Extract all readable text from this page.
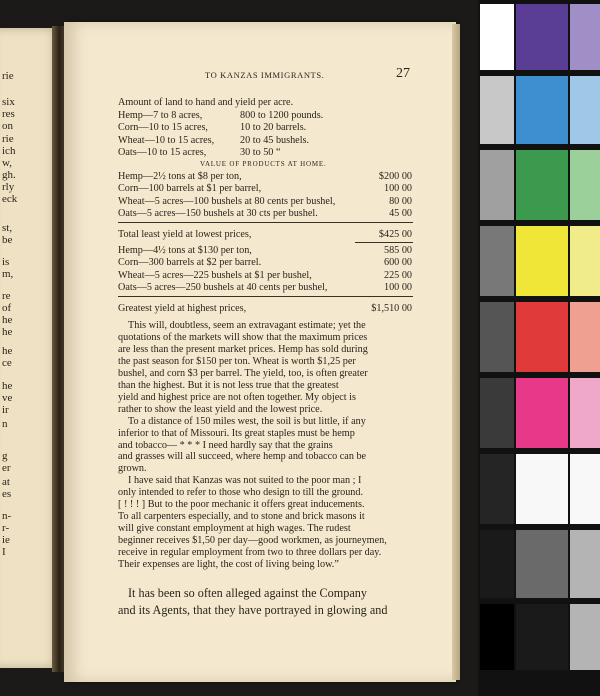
rie
six
res
on
rie
ich
w,
gh.
rly
eck
st,
be
is
m,
re
of
he
he
he
ce
he
ve
ir
n
g
er
at
es
n-
r-
ie
I
TO KANZAS IMMIGRANTS.	27
Amount of land to hand and yield per acre.
Hemp—7 to 8 acres,	800 to 1200 pounds.
Corn—10 to 15 acres,	10 to 20 barrels.
Wheat—10 to 15 acres,	20 to 45 bushels.
Oats—10 to 15 acres,	30 to 50 “
VALUE OF PRODUCTS AT HOME.
Hemp—2½ tons at $8 per ton,	$200 00
Corn—100 barrels at $1 per barrel,	100 00
Wheat—5 acres—100 bushels at 80 cents per bushel,	80 00
Oats—5 acres—150 bushels at 30 cts per bushel.	45 00
Total least yield at lowest prices,	$425 00
Hemp—4½ tons at $130 per ton,	585 00
Corn—300 barrels at $2 per barrel.	600 00
Wheat—5 acres—225 bushels at $1 per bushel,	225 00
Oats—5 acres—250 bushels at 40 cents per bushel,	100 00
Greatest yield at highest prices,	$1,510 00
This will, doubtless, seem an extravagant estimate; yet the
quotations of the markets will show that the maximum prices
are less than the present market prices. Hemp has sold during
the past season for $150 per ton. Wheat is worth $1,25 per
bushel, and corn $3 per barrel. The yield, too, is often greater
than the highest. But it is not less true that the greatest
yield and highest price are not often together. My object is
rather to show the least yield and the lowest price.
To a distance of 150 miles west, the soil is but little, if any
inferior to that of Missouri. Its great staples must be hemp
and tobacco— * * * I need hardly say that the grains
and grasses will all succeed, where hemp and tobacco can be
grown.
I have said that Kanzas was not suited to the poor man ; I
only intended to refer to those who design to till the ground.
[ ! ! ! ] But to the poor mechanic it offers great inducements.
To all carpenters especially, and to stone and brick masons it
will give constant employment at high wages. The rudest
beginner receives $1,50 per day—good workmen, as journeymen,
receive in regular employment from two to three dollars per day.
Their expenses are light, the cost of living being low.”
It has been so often alleged against the Company
and its Agents, that they have portrayed in glowing and
